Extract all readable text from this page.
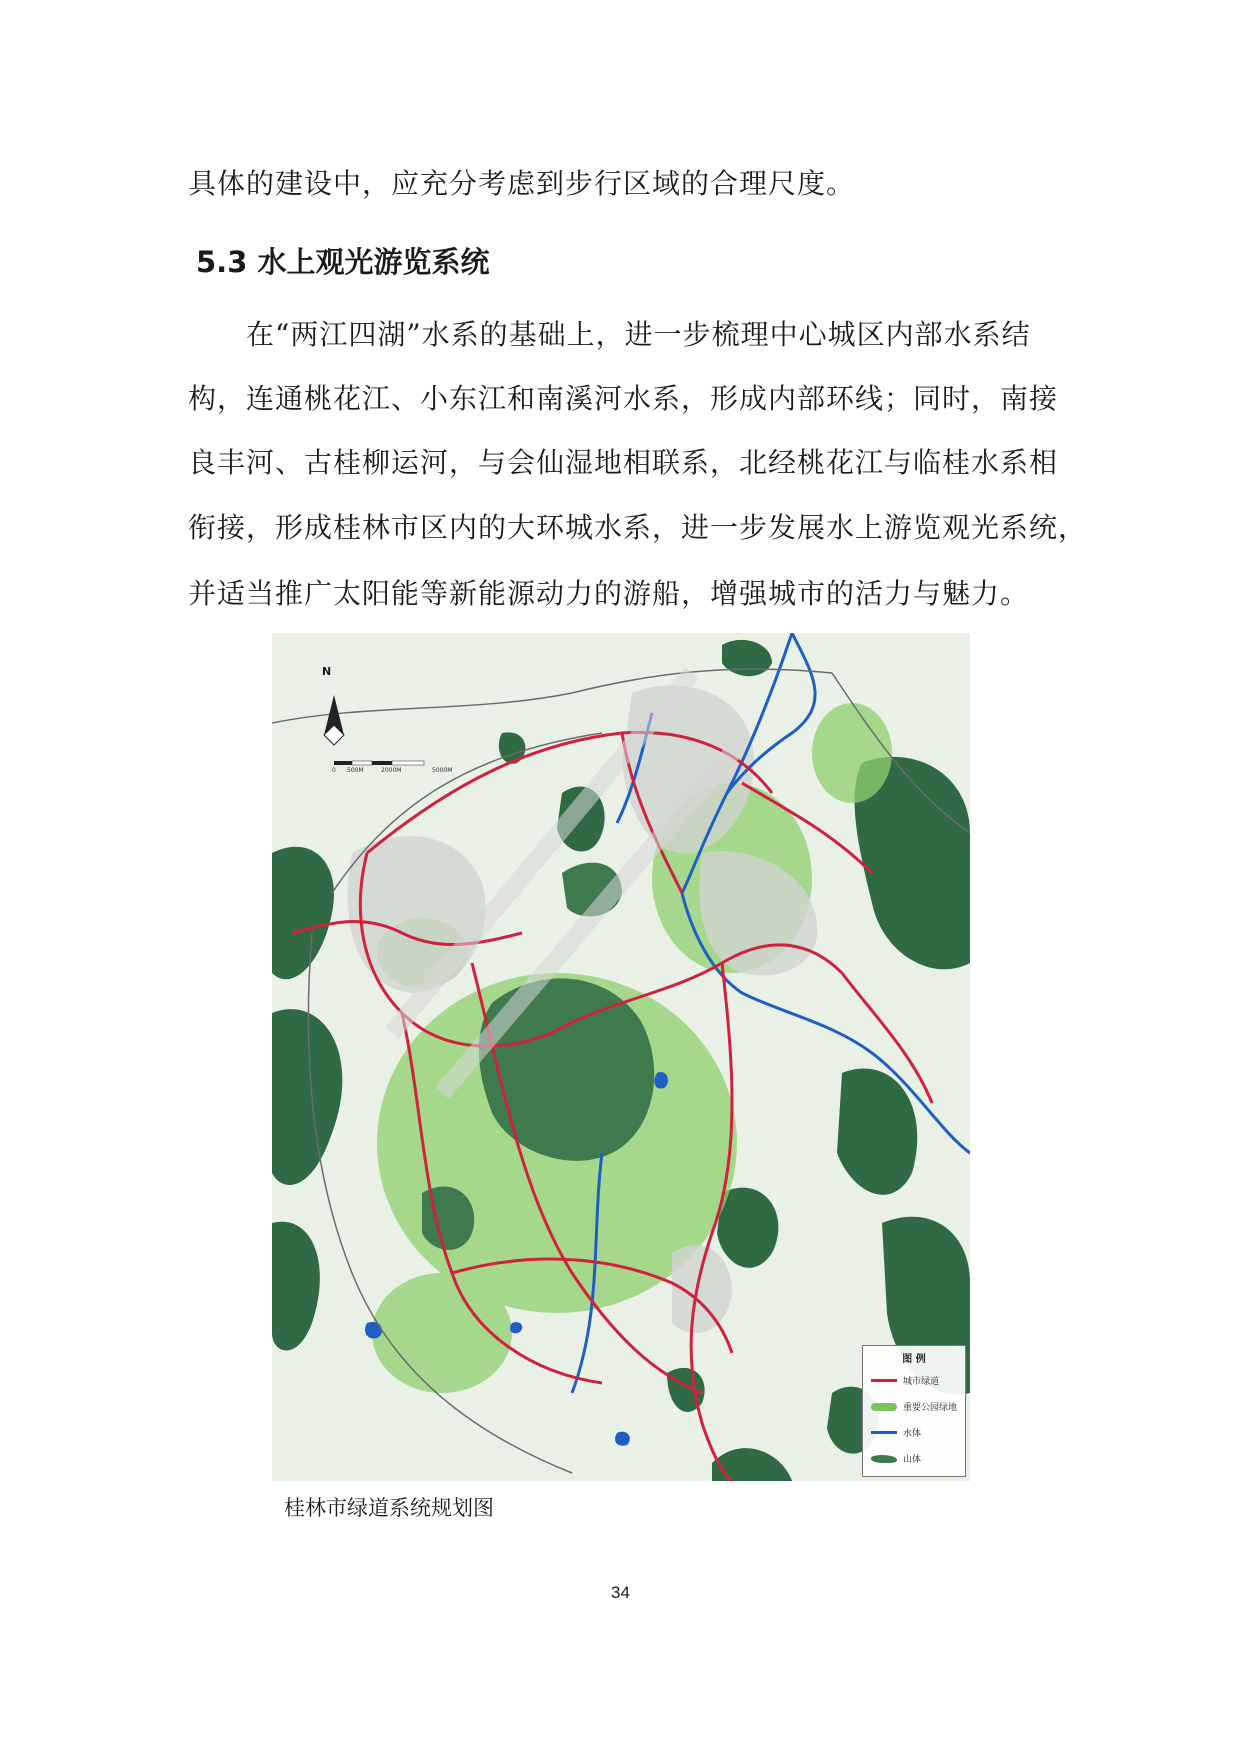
具体的建设中，应充分考虑到步行区域的合理尺度。
5.3 水上观光游览系统
在“两江四湖”水系的基础上，进一步梳理中心城区内部水系结
构，连通桃花江、小东江和南溪河水系，形成内部环线；同时，南接
良丰河、古桂柳运河，与会仙湿地相联系，北经桃花江与临桂水系相
衔接，形成桂林市区内的大环城水系，进一步发展水上游览观光系统，
并适当推广太阳能等新能源动力的游船，增强城市的活力与魅力。
N
0 500M	2000M	5000M
图 例
城市绿道
重要公园绿地
水体
山体
桂林市绿道系统规划图
34
